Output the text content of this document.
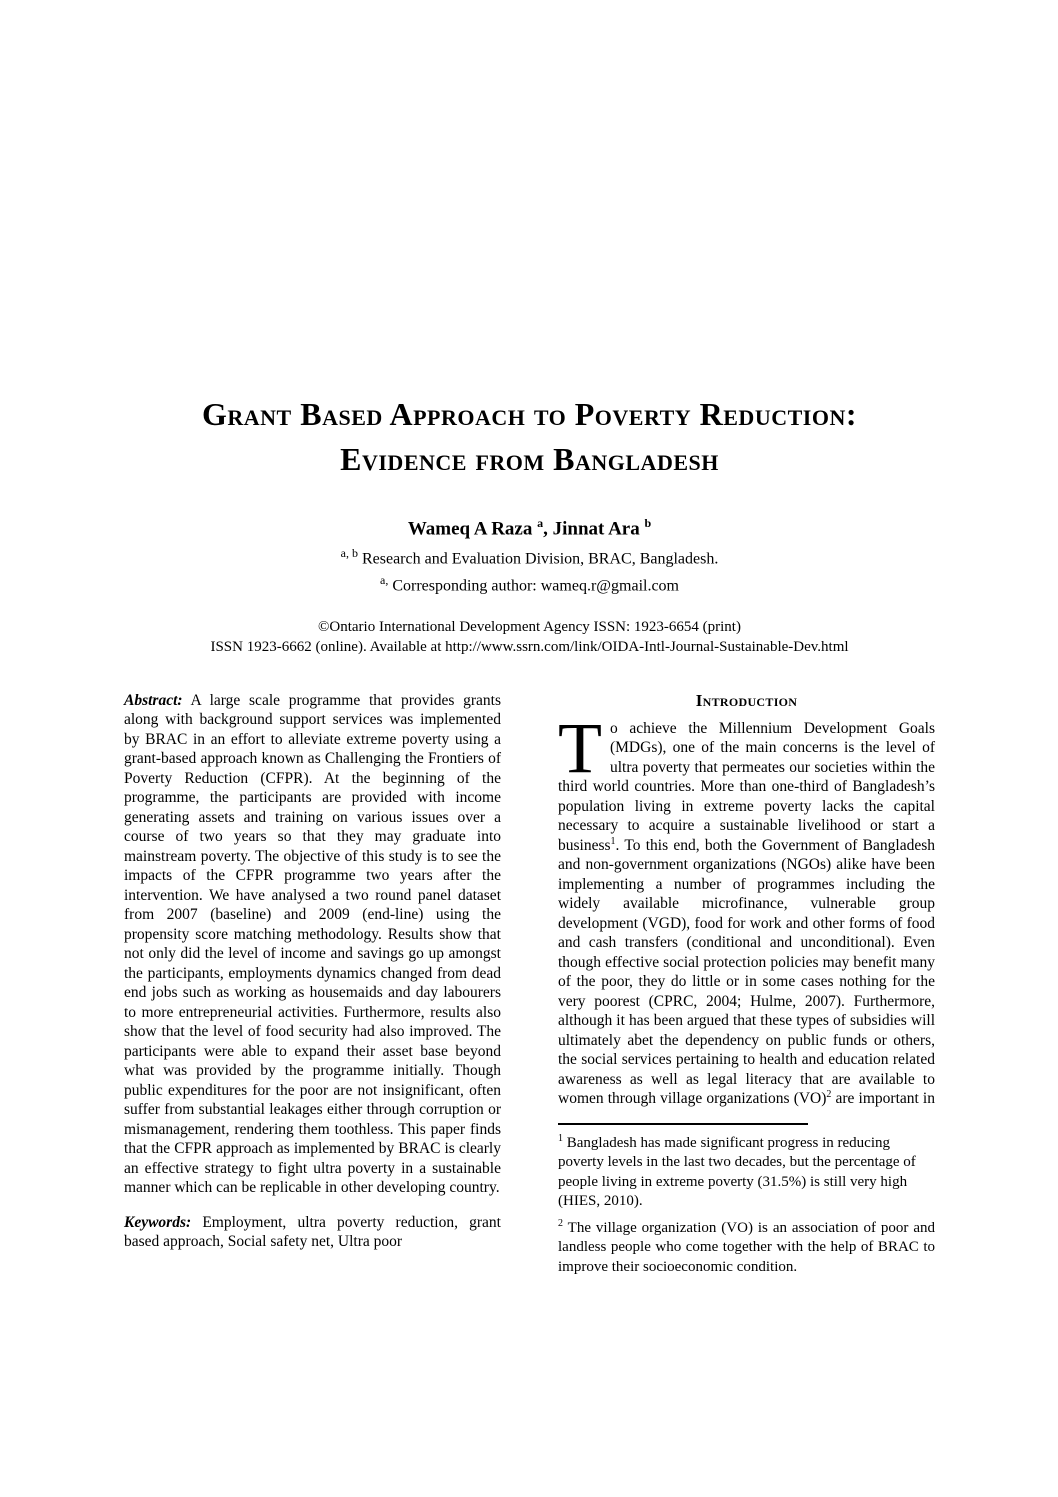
Grant Based Approach to Poverty Reduction:
Evidence from Bangladesh

Wameq A Raza $^a$, Jinnat Ara $^b$

$^{a, b}$ Research and Evaluation Division, BRAC, Bangladesh.

$^{a,}$ Corresponding author: wameq.r@gmail.com

©Ontario International Development Agency ISSN: 1923-6654 (print)
ISSN 1923-6662 (online). Available at http://www.ssrn.com/link/OIDA-Intl-Journal-Sustainable-Dev.html

Abstract: A large scale programme that provides grants along with background support services was implemented by BRAC in an effort to alleviate extreme poverty using a grant-based approach known as Challenging the Frontiers of Poverty Reduction (CFPR). At the beginning of the programme, the participants are provided with income generating assets and training on various issues over a course of two years so that they may graduate into mainstream poverty. The objective of this study is to see the impacts of the CFPR programme two years after the intervention. We have analysed a two round panel dataset from 2007 (baseline) and 2009 (end-line) using the propensity score matching methodology. Results show that not only did the level of income and savings go up amongst the participants, employments dynamics changed from dead end jobs such as working as housemaids and day labourers to more entrepreneurial activities. Furthermore, results also show that the level of food security had also improved. The participants were able to expand their asset base beyond what was provided by the programme initially. Though public expenditures for the poor are not insignificant, often suffer from substantial leakages either through corruption or mismanagement, rendering them toothless. This paper finds that the CFPR approach as implemented by BRAC is clearly an effective strategy to fight ultra poverty in a sustainable manner which can be replicable in other developing country.

Keywords: Employment, ultra poverty reduction, grant based approach, Social safety net, Ultra poor

Introduction

To achieve the Millennium Development Goals (MDGs), one of the main concerns is the level of ultra poverty that permeates our societies within the third world countries. More than one-third of Bangladesh’s population living in extreme poverty lacks the capital necessary to acquire a sustainable livelihood or start a business$^1$. To this end, both the Government of Bangladesh and non-government organizations (NGOs) alike have been implementing a number of programmes including the widely available microfinance, vulnerable group development (VGD), food for work and other forms of food and cash transfers (conditional and unconditional). Even though effective social protection policies may benefit many of the poor, they do little or in some cases nothing for the very poorest (CPRC, 2004; Hulme, 2007). Furthermore, although it has been argued that these types of subsidies will ultimately abet the dependency on public funds or others, the social services pertaining to health and education related awareness as well as legal literacy that are available to women through village organizations (VO)$^2$ are important in

$^1$ Bangladesh has made significant progress in reducing poverty levels in the last two decades, but the percentage of people living in extreme poverty (31.5%) is still very high (HIES, 2010).

$^2$ The village organization (VO) is an association of poor and landless people who come together with the help of BRAC to improve their socioeconomic condition.
